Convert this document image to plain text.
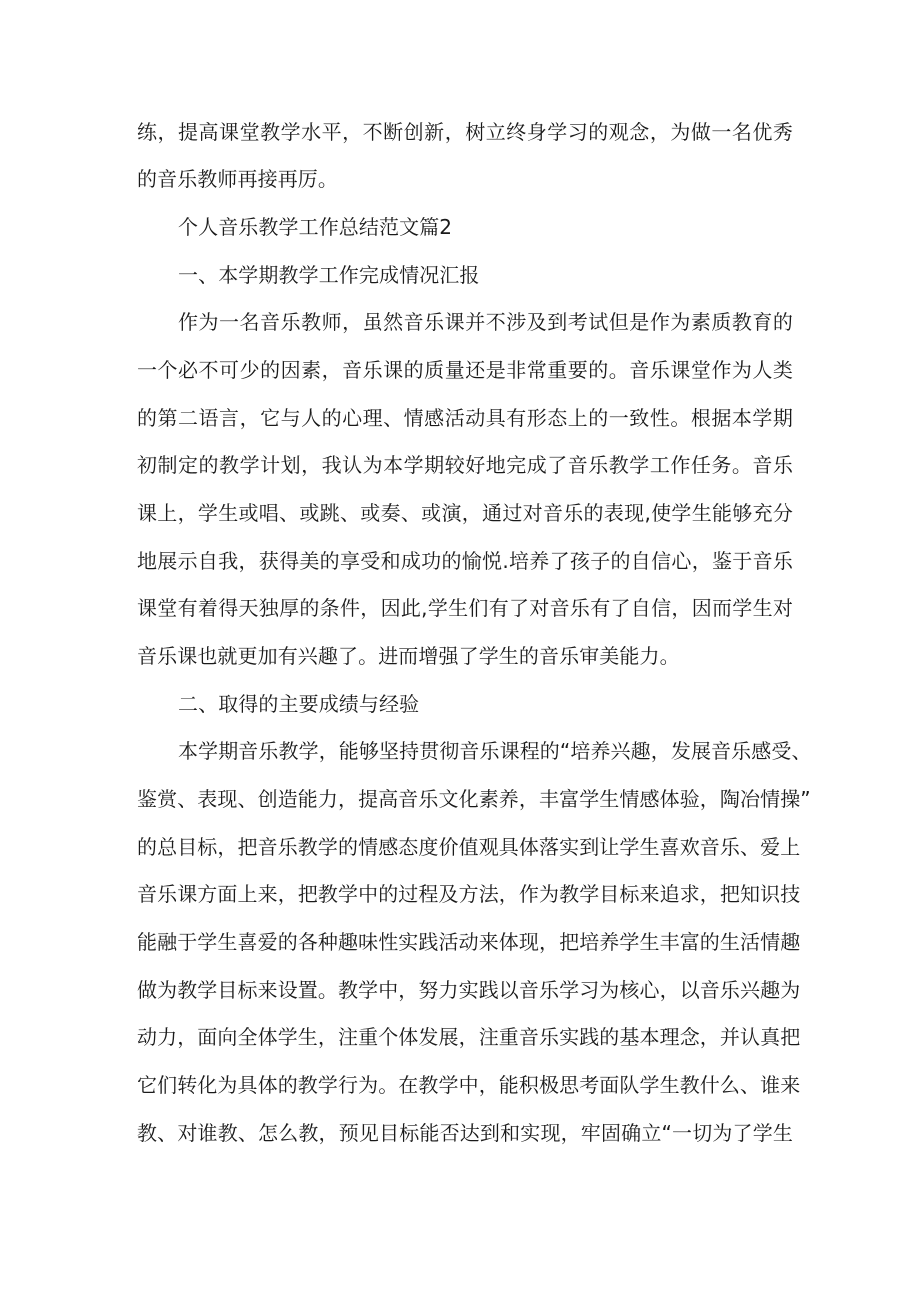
练，提高课堂教学水平，不断创新，树立终身学习的观念，为做一名优秀
的音乐教师再接再厉。
个人音乐教学工作总结范文篇2
一、本学期教学工作完成情况汇报
作为一名音乐教师，虽然音乐课并不涉及到考试但是作为素质教育的
一个必不可少的因素，音乐课的质量还是非常重要的。音乐课堂作为人类
的第二语言，它与人的心理、情感活动具有形态上的一致性。根据本学期
初制定的教学计划，我认为本学期较好地完成了音乐教学工作任务。音乐
课上，学生或唱、或跳、或奏、或演，通过对音乐的表现,使学生能够充分
地展示自我，获得美的享受和成功的愉悦.培养了孩子的自信心，鉴于音乐
课堂有着得天独厚的条件，因此,学生们有了对音乐有了自信，因而学生对
音乐课也就更加有兴趣了。进而增强了学生的音乐审美能力。
二、取得的主要成绩与经验
本学期音乐教学，能够坚持贯彻音乐课程的“培养兴趣，发展音乐感受、
鉴赏、表现、创造能力，提高音乐文化素养，丰富学生情感体验，陶冶情操”
的总目标，把音乐教学的情感态度价值观具体落实到让学生喜欢音乐、爱上
音乐课方面上来，把教学中的过程及方法，作为教学目标来追求，把知识技
能融于学生喜爱的各种趣味性实践活动来体现，把培养学生丰富的生活情趣
做为教学目标来设置。教学中，努力实践以音乐学习为核心，以音乐兴趣为
动力，面向全体学生，注重个体发展，注重音乐实践的基本理念，并认真把
它们转化为具体的教学行为。在教学中，能积极思考面队学生教什么、谁来
教、对谁教、怎么教，预见目标能否达到和实现，牢固确立“一切为了学生
